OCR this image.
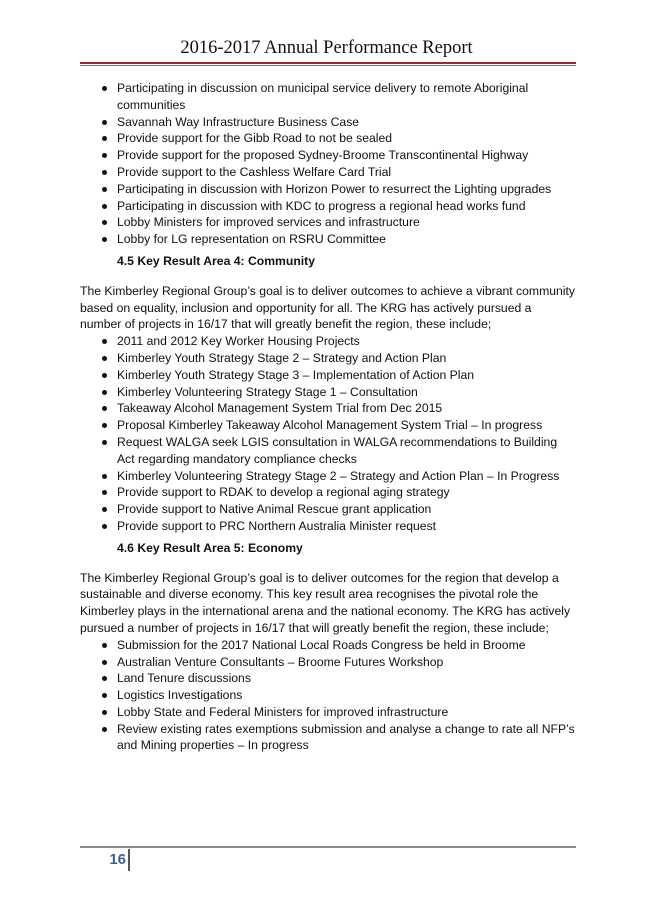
2016-2017 Annual Performance Report
Participating in discussion on municipal service delivery to remote Aboriginal communities
Savannah Way Infrastructure Business Case
Provide support for the Gibb Road to not be sealed
Provide support for the proposed Sydney-Broome Transcontinental Highway
Provide support to the Cashless Welfare Card Trial
Participating in discussion with Horizon Power to resurrect the Lighting upgrades
Participating in discussion with KDC to progress a regional head works fund
Lobby Ministers for improved services and infrastructure
Lobby for LG representation on RSRU Committee
4.5 Key Result Area 4: Community

The Kimberley Regional Group’s goal is to deliver outcomes to achieve a vibrant community based on equality, inclusion and opportunity for all. The KRG has actively pursued a number of projects in 16/17 that will greatly benefit the region, these include;

2011 and 2012 Key Worker Housing Projects
Kimberley Youth Strategy Stage 2 – Strategy and Action Plan
Kimberley Youth Strategy Stage 3 – Implementation of Action Plan
Kimberley Volunteering Strategy Stage 1 – Consultation
Takeaway Alcohol Management System Trial from Dec 2015
Proposal Kimberley Takeaway Alcohol Management System Trial – In progress
Request WALGA seek LGIS consultation in WALGA recommendations to Building Act regarding mandatory compliance checks
Kimberley Volunteering Strategy Stage 2 – Strategy and Action Plan – In Progress
Provide support to RDAK to develop a regional aging strategy
Provide support to Native Animal Rescue grant application
Provide support to PRC Northern Australia Minister request
4.6 Key Result Area 5: Economy

The Kimberley Regional Group’s goal is to deliver outcomes for the region that develop a sustainable and diverse economy. This key result area recognises the pivotal role the Kimberley plays in the international arena and the national economy. The KRG has actively pursued a number of projects in 16/17 that will greatly benefit the region, these include;

Submission for the 2017 National Local Roads Congress be held in Broome
Australian Venture Consultants – Broome Futures Workshop
Land Tenure discussions
Logistics Investigations
Lobby State and Federal Ministers for improved infrastructure
Review existing rates exemptions submission and analyse a change to rate all NFP’s and Mining properties – In progress
16
